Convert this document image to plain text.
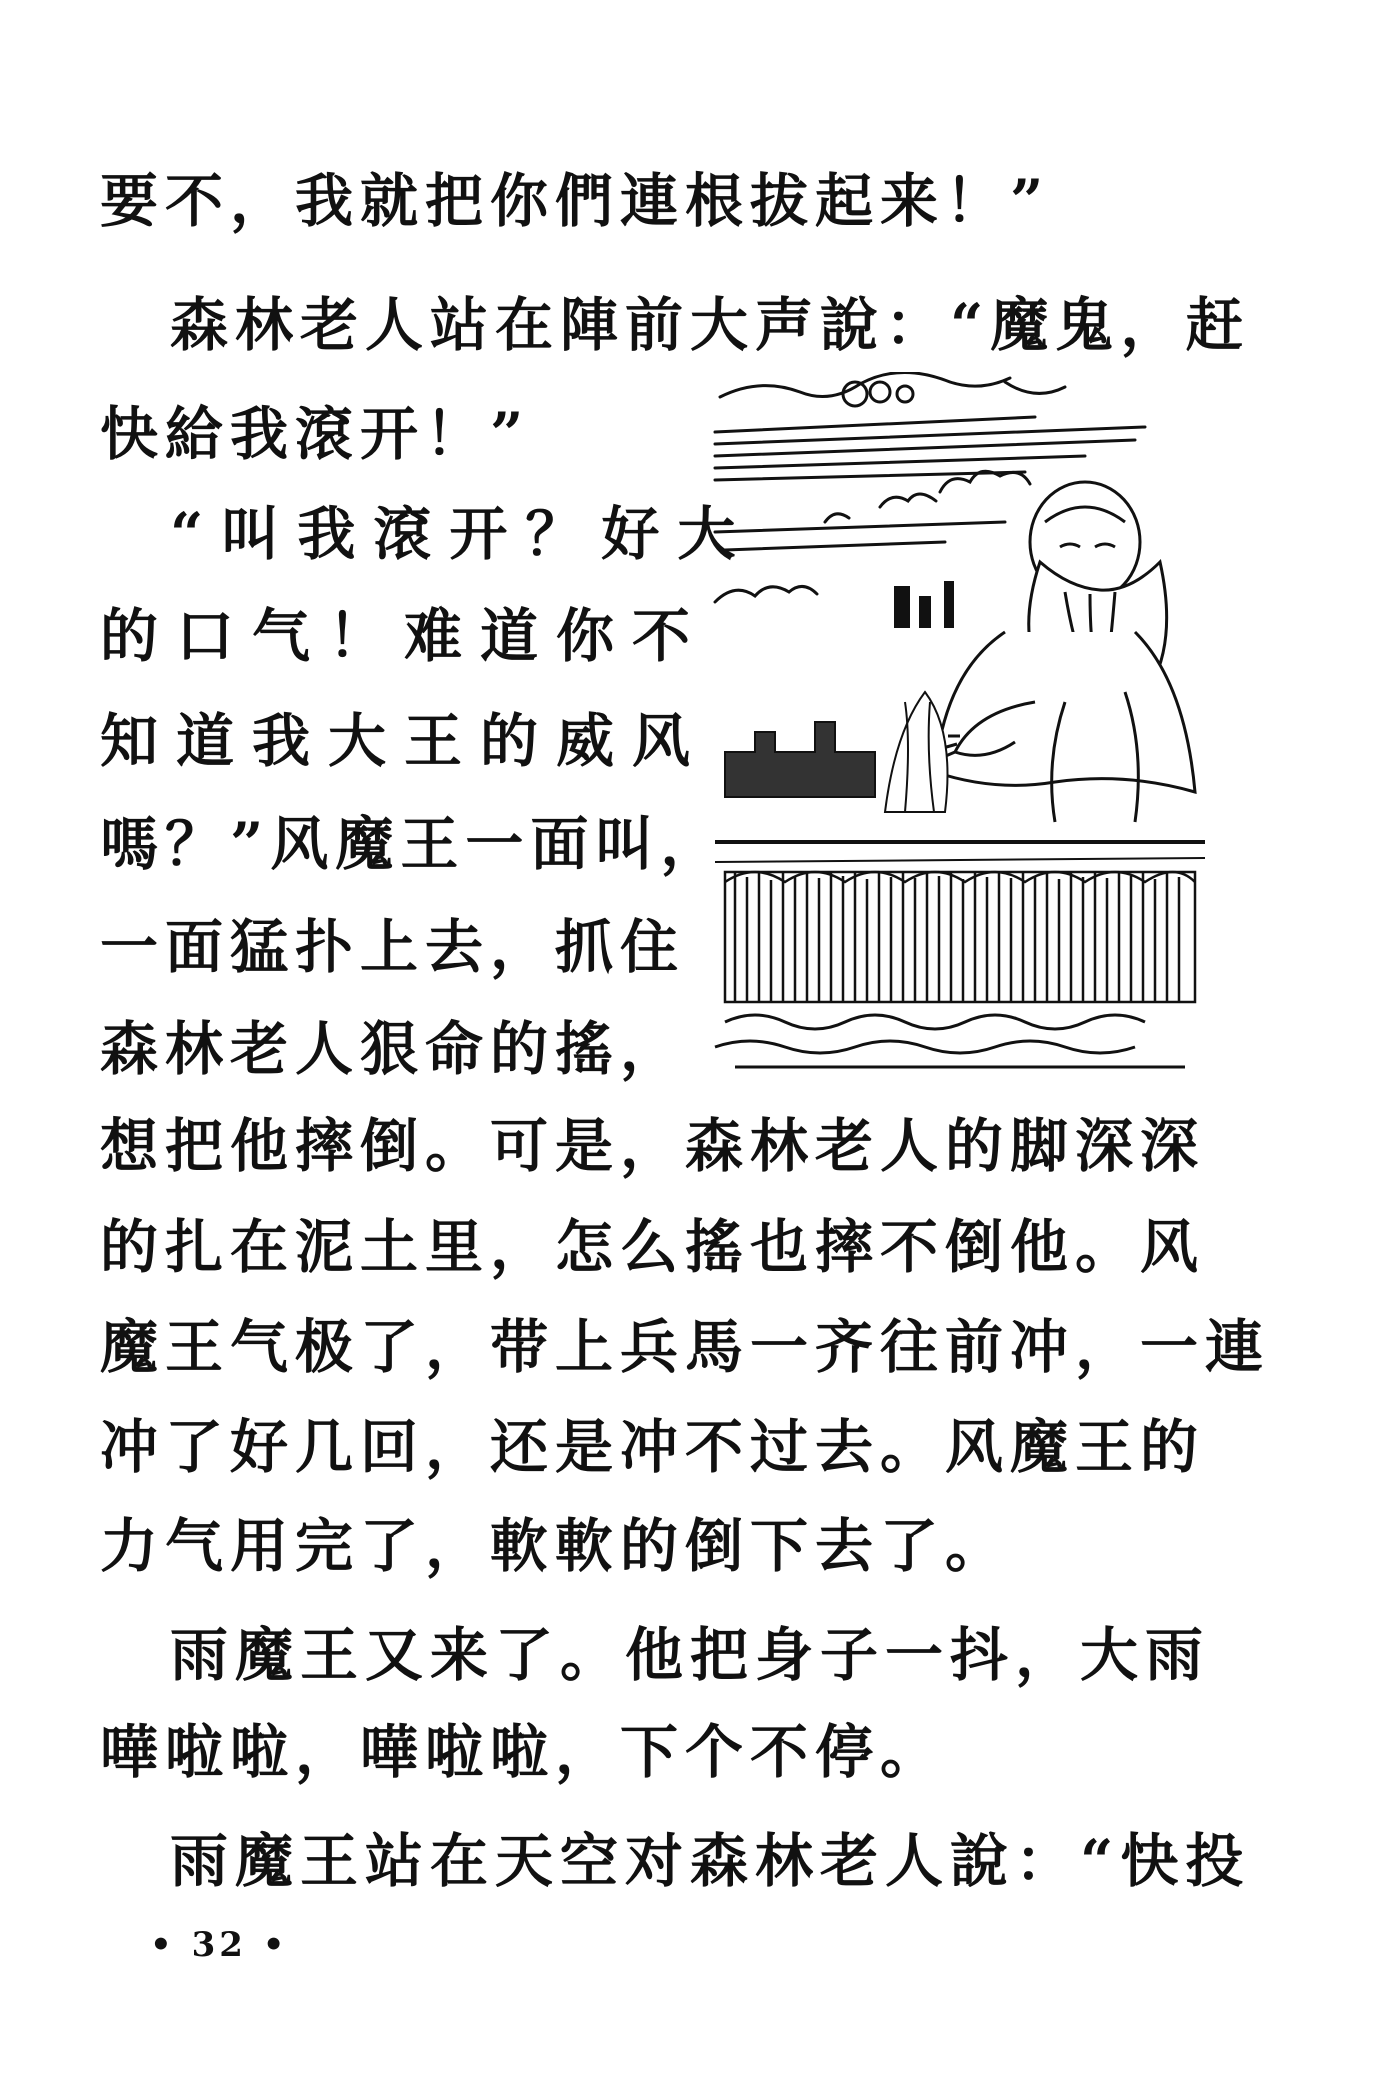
要不，我就把你們連根拔起来！”
森林老人站在陣前大声說：“魔鬼，赶
快給我滾开！”
“叫我滾开？好大
的口气！难道你不
知道我大王的威风
嗎？”风魔王一面叫，
一面猛扑上去，抓住
森林老人狠命的搖，
想把他摔倒。可是，森林老人的脚深深
的扎在泥土里，怎么搖也摔不倒他。风
魔王气极了，带上兵馬一齐往前冲，一連
冲了好几回，还是冲不过去。风魔王的
力气用完了，軟軟的倒下去了。
雨魔王又来了。他把身子一抖，大雨
嘩啦啦，嘩啦啦，下个不停。
雨魔王站在天空对森林老人說：“快投
• 32 •
